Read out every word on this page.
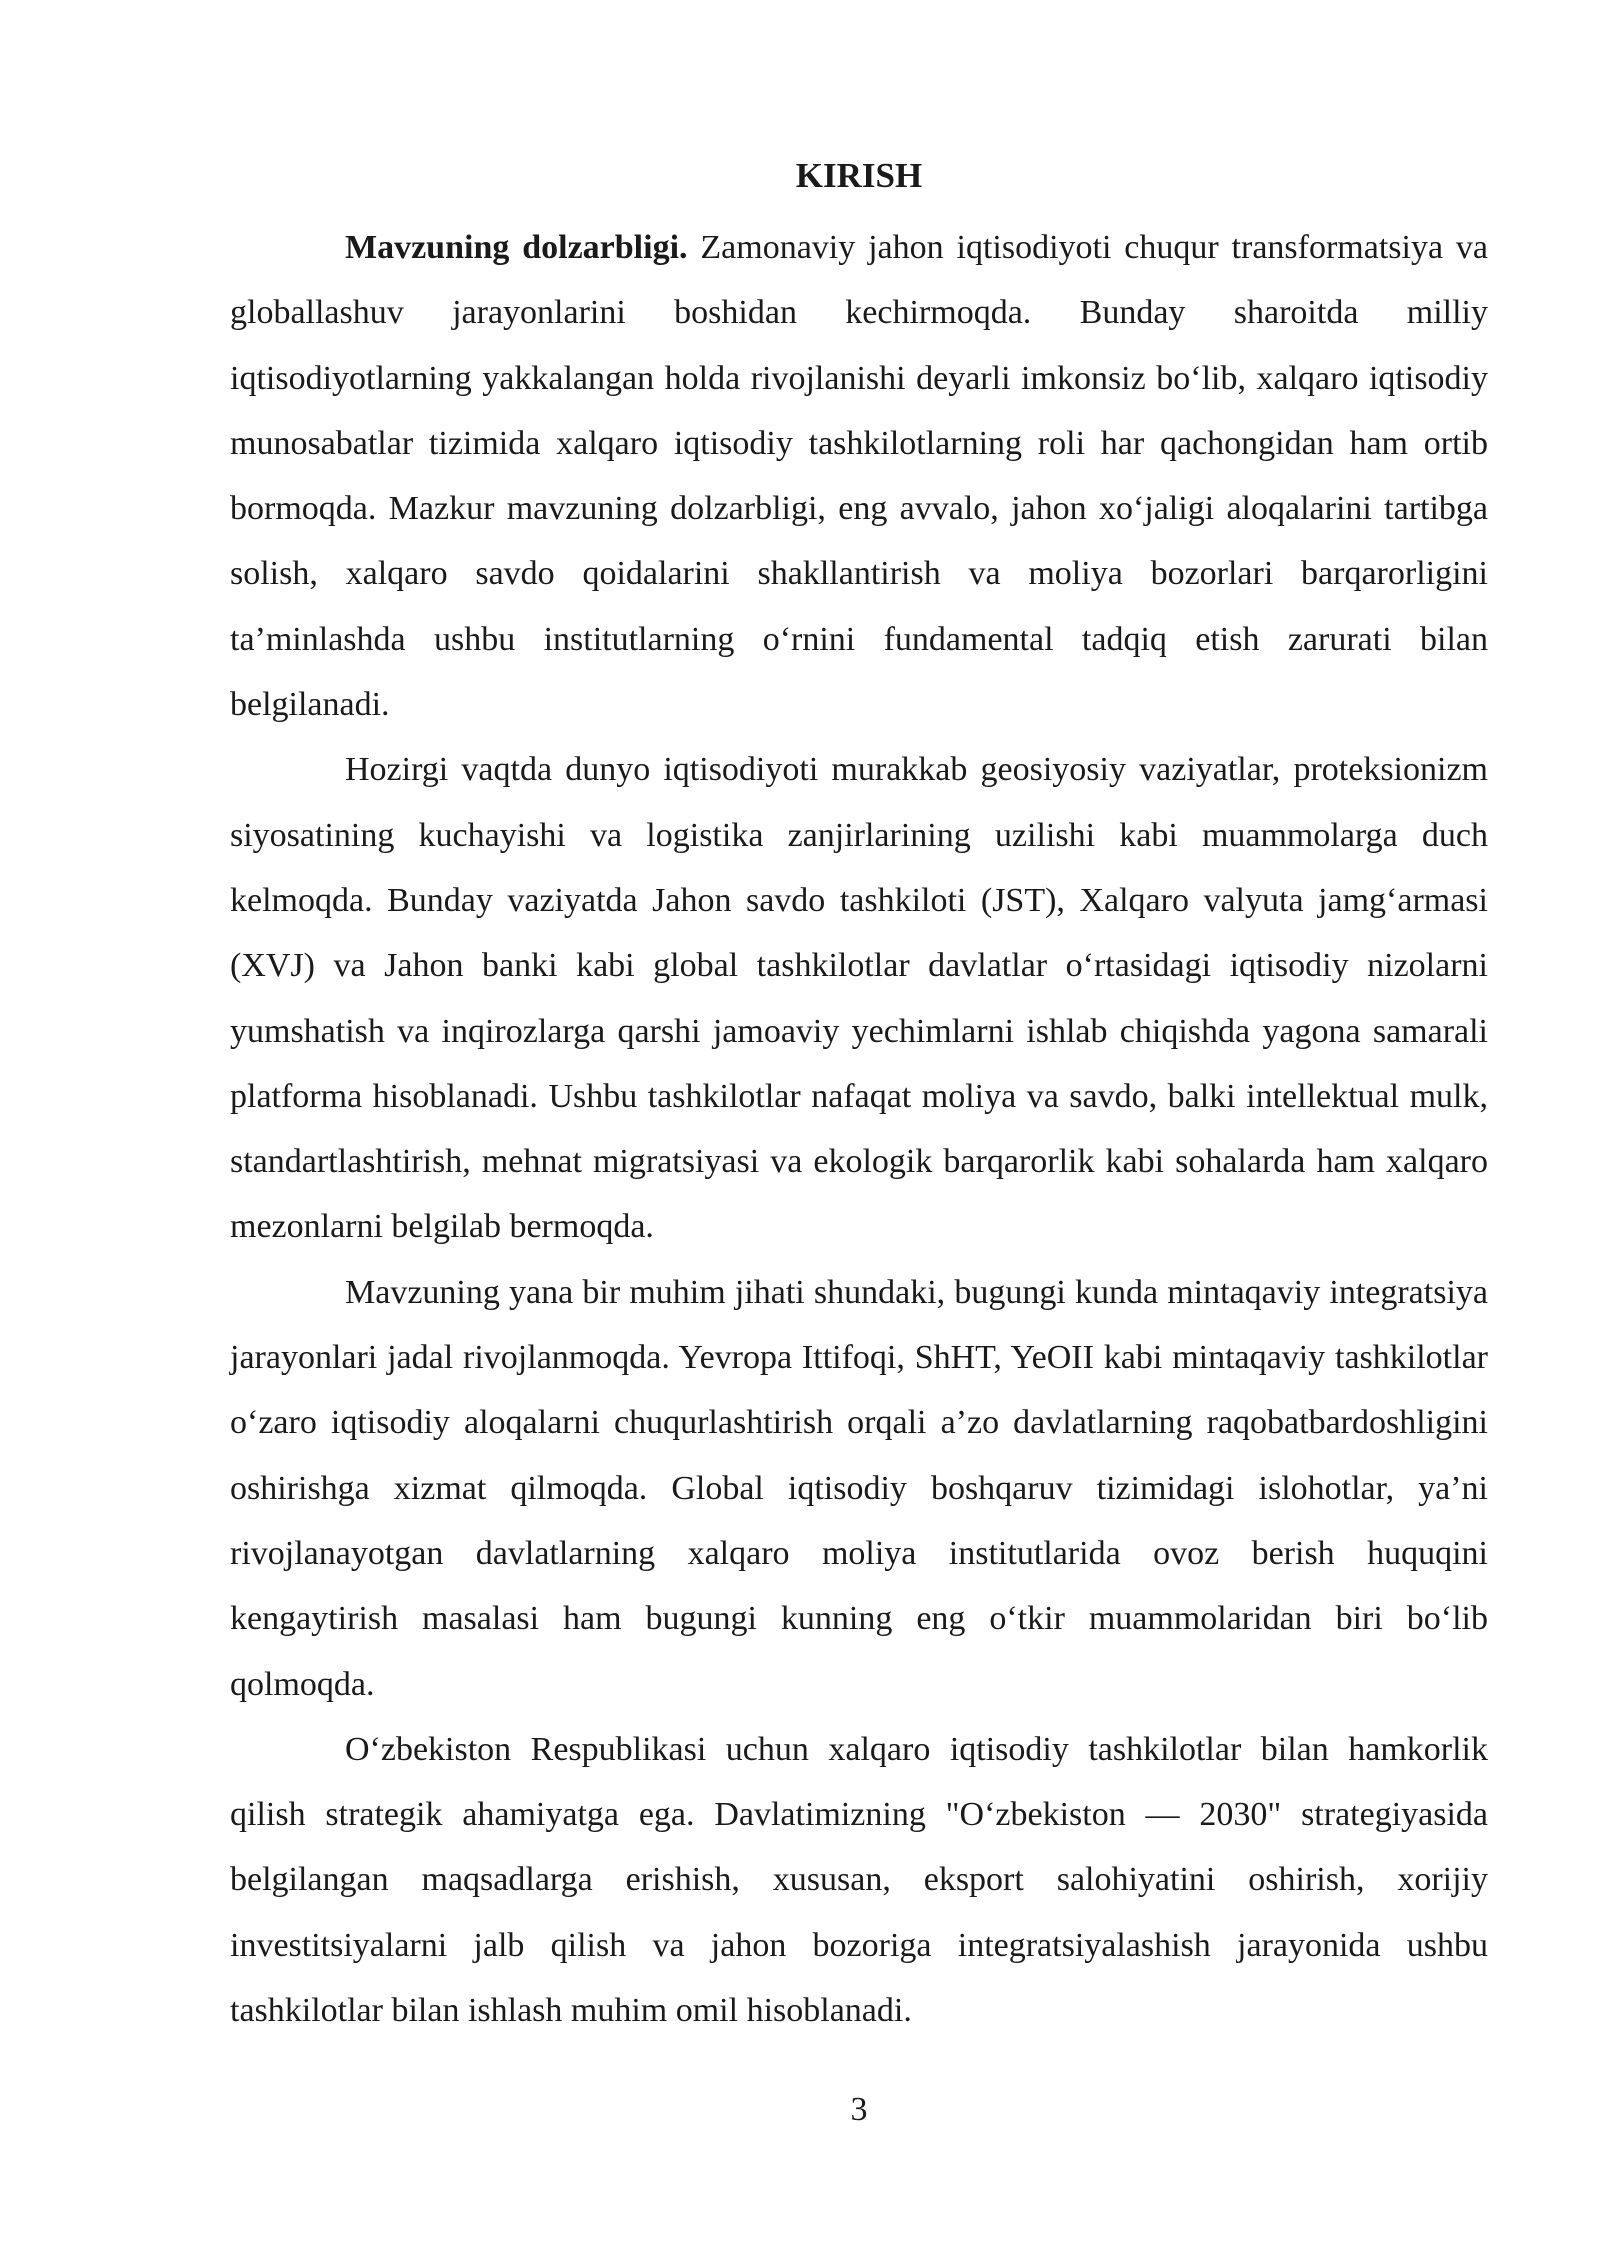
KIRISH

Mavzuning dolzarbligi. Zamonaviy jahon iqtisodiyoti chuqur transformatsiya va globallashuv jarayonlarini boshidan kechirmoqda. Bunday sharoitda milliy iqtisodiyotlarning yakkalangan holda rivojlanishi deyarli imkonsiz bo‘lib, xalqaro iqtisodiy munosabatlar tizimida xalqaro iqtisodiy tashkilotlarning roli har qachongidan ham ortib bormoqda. Mazkur mavzuning dolzarbligi, eng avvalo, jahon xo‘jaligi aloqalarini tartibga solish, xalqaro savdo qoidalarini shakllantirish va moliya bozorlari barqarorligini ta’minlashda ushbu institutlarning o‘rnini fundamental tadqiq etish zarurati bilan belgilanadi.

Hozirgi vaqtda dunyo iqtisodiyoti murakkab geosiyosiy vaziyatlar, proteksionizm siyosatining kuchayishi va logistika zanjirlarining uzilishi kabi muammolarga duch kelmoqda. Bunday vaziyatda Jahon savdo tashkiloti (JST), Xalqaro valyuta jamg‘armasi (XVJ) va Jahon banki kabi global tashkilotlar davlatlar o‘rtasidagi iqtisodiy nizolarni yumshatish va inqirozlarga qarshi jamoaviy yechimlarni ishlab chiqishda yagona samarali platforma hisoblanadi. Ushbu tashkilotlar nafaqat moliya va savdo, balki intellektual mulk, standartlashtirish, mehnat migratsiyasi va ekologik barqarorlik kabi sohalarda ham xalqaro mezonlarni belgilab bermoqda.

Mavzuning yana bir muhim jihati shundaki, bugungi kunda mintaqaviy integratsiya jarayonlari jadal rivojlanmoqda. Yevropa Ittifoqi, ShHT, YeOII kabi mintaqaviy tashkilotlar o‘zaro iqtisodiy aloqalarni chuqurlashtirish orqali a’zo davlatlarning raqobatbardoshligini oshirishga xizmat qilmoqda. Global iqtisodiy boshqaruv tizimidagi islohotlar, ya’ni rivojlanayotgan davlatlarning xalqaro moliya institutlarida ovoz berish huquqini kengaytirish masalasi ham bugungi kunning eng o‘tkir muammolaridan biri bo‘lib qolmoqda.

O‘zbekiston Respublikasi uchun xalqaro iqtisodiy tashkilotlar bilan hamkorlik qilish strategik ahamiyatga ega. Davlatimizning "O‘zbekiston — 2030" strategiyasida belgilangan maqsadlarga erishish, xususan, eksport salohiyatini oshirish, xorijiy investitsiyalarni jalb qilish va jahon bozoriga integratsiyalashish jarayonida ushbu tashkilotlar bilan ishlash muhim omil hisoblanadi.

3
